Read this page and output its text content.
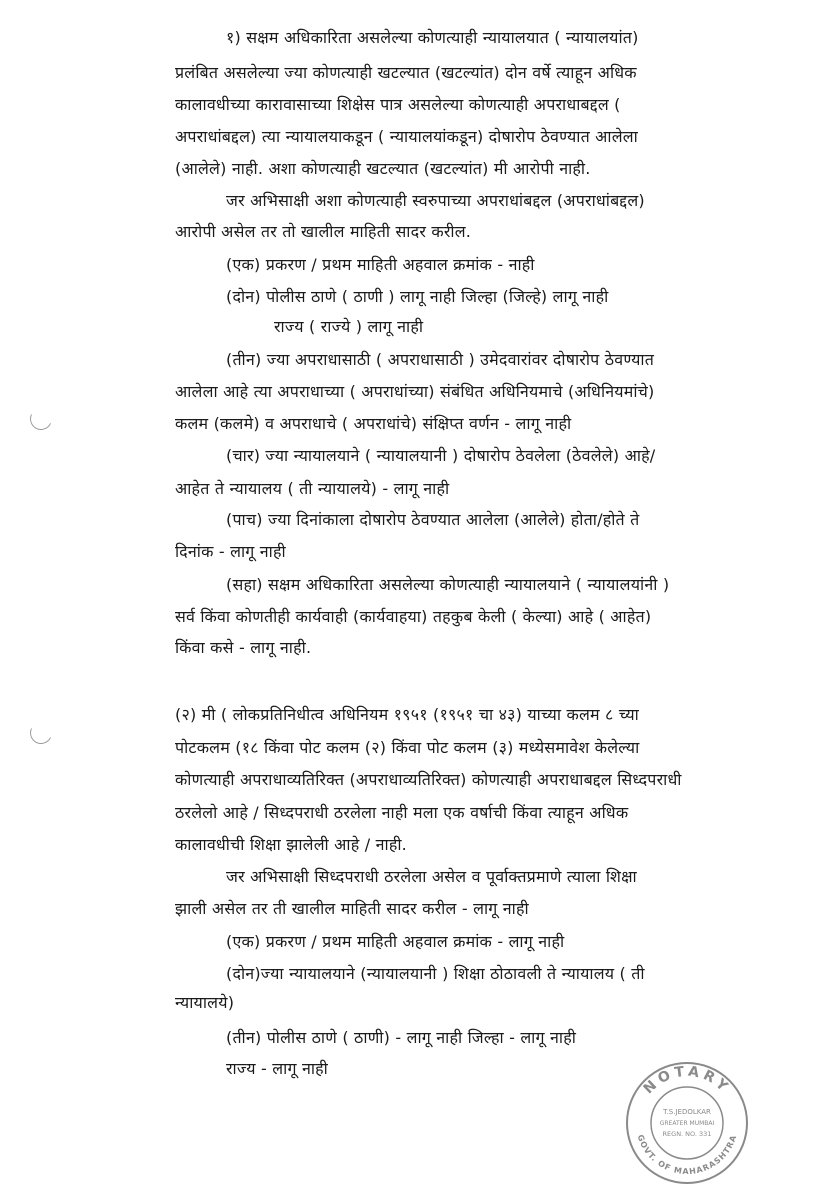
१) सक्षम अधिकारिता असलेल्या कोणत्याही न्यायालयात ( न्यायालयांत)
प्रलंबित असलेल्या ज्या कोणत्याही खटल्यात (खटल्यांत) दोन वर्षे त्याहून अधिक
कालावधीच्या कारावासाच्या शिक्षेस पात्र असलेल्या कोणत्याही अपराधाबद्दल (
अपराधांबद्दल) त्या न्यायालयाकडून ( न्यायालयांकडून) दोषारोप ठेवण्यात आलेला
(आलेले) नाही. अशा कोणत्याही खटल्यात (खटल्यांत) मी आरोपी नाही.
जर अभिसाक्षी अशा कोणत्याही स्वरुपाच्या अपराधांबद्दल (अपराधांबद्दल)
आरोपी असेल तर तो खालील माहिती सादर करील.
(एक) प्रकरण / प्रथम माहिती अहवाल क्रमांक - नाही
(दोन) पोलीस ठाणे ( ठाणी ) लागू नाही जिल्हा (जिल्हे) लागू नाही
राज्य ( राज्ये ) लागू नाही
(तीन) ज्या अपराधासाठी ( अपराधासाठी ) उमेदवारांवर दोषारोप ठेवण्यात
आलेला आहे त्या अपराधाच्या ( अपराधांच्या) संबंधित अधिनियमाचे (अधिनियमांचे)
कलम (कलमे) व अपराधाचे ( अपराधांचे) संक्षिप्त वर्णन - लागू नाही
(चार) ज्या न्यायालयाने ( न्यायालयानी ) दोषारोप ठेवलेला (ठेवलेले) आहे/
आहेत ते न्यायालय ( ती न्यायालये) - लागू नाही
(पाच) ज्या दिनांकाला दोषारोप ठेवण्यात आलेला (आलेले) होता/होते ते
दिनांक - लागू नाही
(सहा) सक्षम अधिकारिता असलेल्या कोणत्याही न्यायालयाने ( न्यायालयांनी )
सर्व किंवा कोणतीही कार्यवाही (कार्यवाहया) तहकुब केली ( केल्या) आहे ( आहेत)
किंवा कसे - लागू नाही.
(२) मी ( लोकप्रतिनिधीत्व अधिनियम १९५१ (१९५१ चा ४३) याच्या कलम ८ च्या
पोटकलम (१८ किंवा पोट कलम (२) किंवा पोट कलम (३) मध्येसमावेश केलेल्या
कोणत्याही अपराधाव्यतिरिक्त (अपराधाव्यतिरिक्त) कोणत्याही अपराधाबद्दल सिध्दपराधी
ठरलेलो आहे / सिध्दपराधी ठरलेला नाही मला एक वर्षाची किंवा त्याहून अधिक
कालावधीची शिक्षा झालेली आहे / नाही.
जर अभिसाक्षी सिध्दपराधी ठरलेला असेल व पूर्वाक्तप्रमाणे त्याला शिक्षा
झाली असेल तर ती खालील माहिती सादर करील - लागू नाही
(एक) प्रकरण / प्रथम माहिती अहवाल क्रमांक - लागू नाही
(दोन)ज्या न्यायालयाने (न्यायालयानी ) शिक्षा ठोठावली ते न्यायालय ( ती
न्यायालये)
(तीन) पोलीस ठाणे ( ठाणी) - लागू नाही जिल्हा - लागू नाही
राज्य - लागू नाही
NOTARY
GOVT. OF MAHARASHTRA
T.S.JEDOLKAR
GREATER MUMBAI
REGN. NO. 331
